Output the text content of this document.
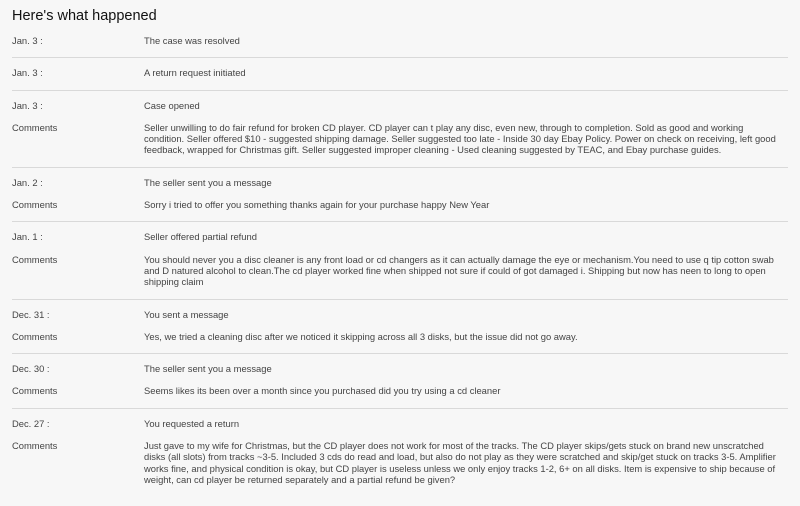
Here's what happened
Jan. 3 :	The case was resolved
Jan. 3 :	A return request initiated
Jan. 3 :	Case opened
Comments	Seller unwilling to do fair refund for broken CD player. CD player can t play any disc, even new, through to completion. Sold as good and working condition. Seller offered $10 - suggested shipping damage. Seller suggested too late - Inside 30 day Ebay Policy. Power on check on receiving, left good feedback, wrapped for Christmas gift. Seller suggested improper cleaning - Used cleaning suggested by TEAC, and Ebay purchase guides.
Jan. 2 :	The seller sent you a message
Comments	Sorry i tried to offer you something thanks again for your purchase happy New Year
Jan. 1 :	Seller offered partial refund
Comments	You should never you a disc cleaner is any front load or cd changers as it can actually damage the eye or mechanism.You need to use q tip cotton swab and D natured alcohol to clean.The cd player worked fine when shipped not sure if could of got damaged i. Shipping but now has neen to long to open shipping claim
Dec. 31 :	You sent a message
Comments	Yes, we tried a cleaning disc after we noticed it skipping across all 3 disks, but the issue did not go away.
Dec. 30 :	The seller sent you a message
Comments	Seems likes its been over a month since you purchased did you try using a cd cleaner
Dec. 27 :	You requested a return
Comments	Just gave to my wife for Christmas, but the CD player does not work for most of the tracks. The CD player skips/gets stuck on brand new unscratched disks (all slots) from tracks ~3-5. Included 3 cds do read and load, but also do not play as they were scratched and skip/get stuck on tracks 3-5. Amplifier works fine, and physical condition is okay, but CD player is useless unless we only enjoy tracks 1-2, 6+ on all disks. Item is expensive to ship because of weight, can cd player be returned separately and a partial refund be given?
